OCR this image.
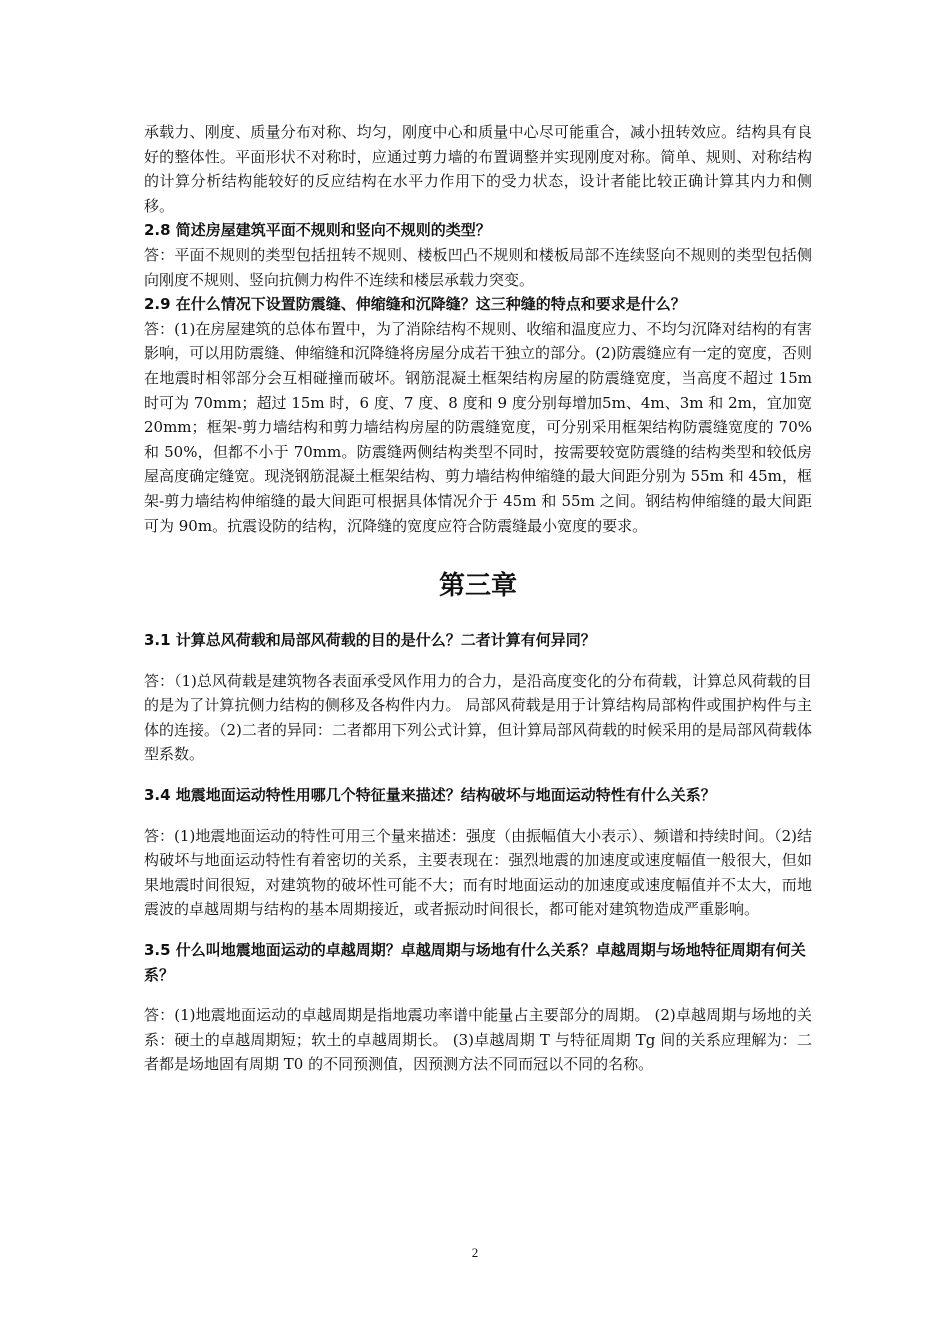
承载力、刚度、质量分布对称、均匀，刚度中心和质量中心尽可能重合，减小扭转效应。结构具有良好的整体性。平面形状不对称时，应通过剪力墙的布置调整并实现刚度对称。简单、规则、对称结构的计算分析结构能较好的反应结构在水平力作用下的受力状态，设计者能比较正确计算其内力和侧移。

2.8 简述房屋建筑平面不规则和竖向不规则的类型？

答：平面不规则的类型包括扭转不规则、楼板凹凸不规则和楼板局部不连续竖向不规则的类型包括侧向刚度不规则、竖向抗侧力构件不连续和楼层承载力突变。

2.9 在什么情况下设置防震缝、伸缩缝和沉降缝？这三种缝的特点和要求是什么？

答：(1)在房屋建筑的总体布置中，为了消除结构不规则、收缩和温度应力、不均匀沉降对结构的有害影响，可以用防震缝、伸缩缝和沉降缝将房屋分成若干独立的部分。(2)防震缝应有一定的宽度，否则在地震时相邻部分会互相碰撞而破坏。钢筋混凝土框架结构房屋的防震缝宽度，当高度不超过 15m 时可为 70mm；超过 15m 时，6 度、7 度、8 度和 9 度分别每增加5m、4m、3m 和 2m，宜加宽 20mm；框架-剪力墙结构和剪力墙结构房屋的防震缝宽度，可分别采用框架结构防震缝宽度的 70%和 50%，但都不小于 70mm。防震缝两侧结构类型不同时，按需要较宽防震缝的结构类型和较低房屋高度确定缝宽。现浇钢筋混凝土框架结构、剪力墙结构伸缩缝的最大间距分别为 55m 和 45m，框架-剪力墙结构伸缩缝的最大间距可根据具体情况介于 45m 和 55m 之间。钢结构伸缩缝的最大间距可为 90m。抗震设防的结构，沉降缝的宽度应符合防震缝最小宽度的要求。

第三章

3.1 计算总风荷载和局部风荷载的目的是什么？二者计算有何异同？

答：（1)总风荷载是建筑物各表面承受风作用力的合力，是沿高度变化的分布荷载，计算总风荷载的目的是为了计算抗侧力结构的侧移及各构件内力。 局部风荷载是用于计算结构局部构件或围护构件与主体的连接。（2)二者的异同：二者都用下列公式计算，但计算局部风荷载的时候采用的是局部风荷载体型系数。

3.4 地震地面运动特性用哪几个特征量来描述？结构破坏与地面运动特性有什么关系？

答：(1)地震地面运动的特性可用三个量来描述：强度（由振幅值大小表示）、频谱和持续时间。（2)结构破坏与地面运动特性有着密切的关系，主要表现在：强烈地震的加速度或速度幅值一般很大，但如果地震时间很短，对建筑物的破坏性可能不大；而有时地面运动的加速度或速度幅值并不太大，而地震波的卓越周期与结构的基本周期接近，或者振动时间很长，都可能对建筑物造成严重影响。

3.5 什么叫地震地面运动的卓越周期？卓越周期与场地有什么关系？卓越周期与场地特征周期有何关系？

答：(1)地震地面运动的卓越周期是指地震功率谱中能量占主要部分的周期。 (2)卓越周期与场地的关系：硬土的卓越周期短；软土的卓越周期长。 (3)卓越周期 T 与特征周期 Tg 间的关系应理解为：二者都是场地固有周期 T0 的不同预测值，因预测方法不同而冠以不同的名称。

2
